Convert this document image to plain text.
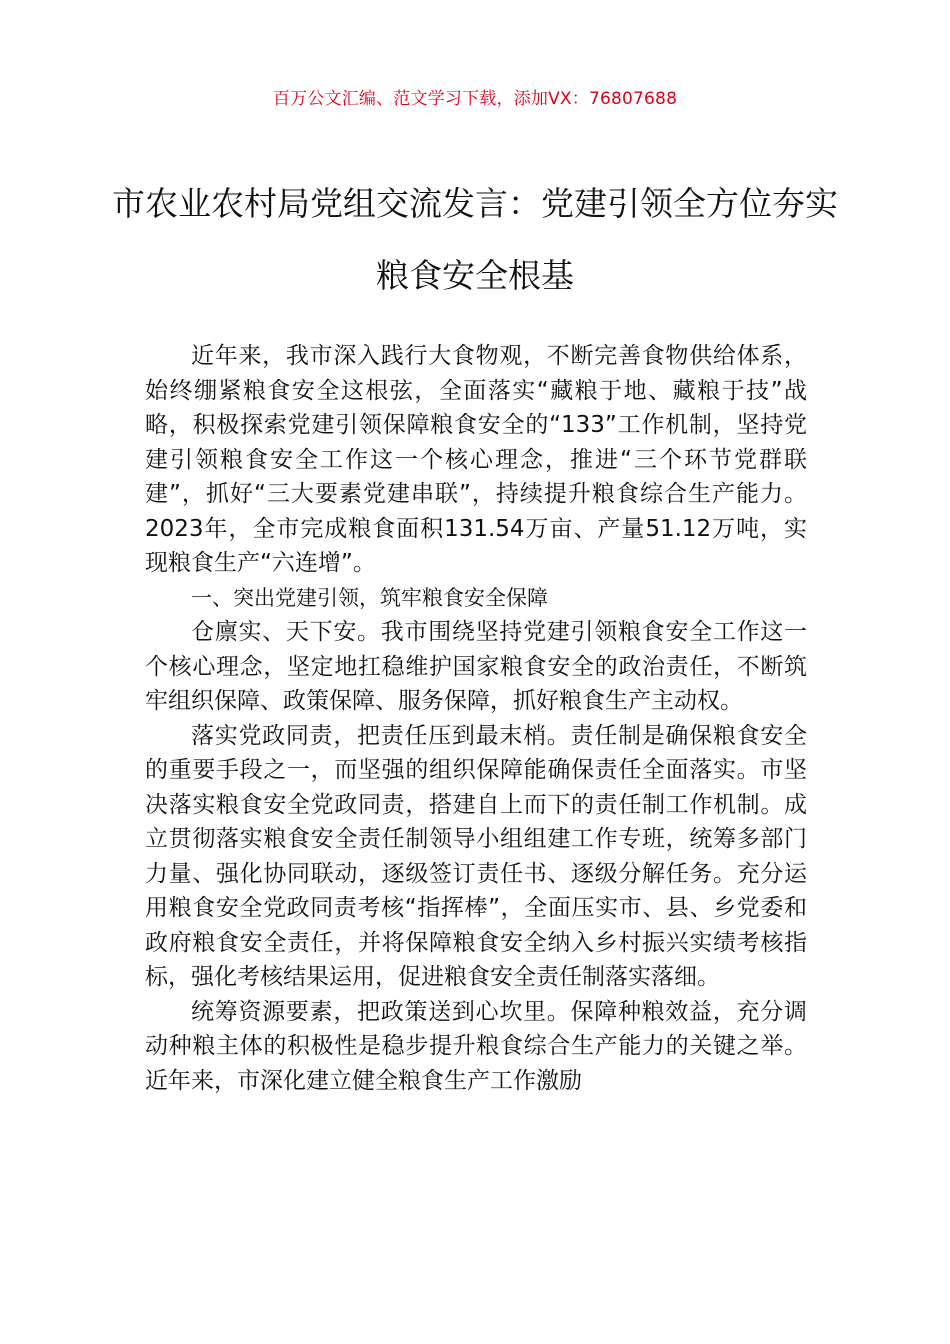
百万公文汇编、范文学习下载，添加VX：76807688
市农业农村局党组交流发言：党建引领全方位夯实粮食安全根基

近年来，我市深入践行大食物观，不断完善食物供给体系，始终绷紧粮食安全这根弦，全面落实“藏粮于地、藏粮于技”战略，积极探索党建引领保障粮食安全的“133”工作机制，坚持党建引领粮食安全工作这一个核心理念，推进“三个环节党群联建”，抓好“三大要素党建串联”，持续提升粮食综合生产能力。2023年，全市完成粮食面积131.54万亩、产量51.12万吨，实现粮食生产“六连增”。

一、突出党建引领，筑牢粮食安全保障

仓廪实、天下安。我市围绕坚持党建引领粮食安全工作这一个核心理念，坚定地扛稳维护国家粮食安全的政治责任，不断筑牢组织保障、政策保障、服务保障，抓好粮食生产主动权。

落实党政同责，把责任压到最末梢。责任制是确保粮食安全的重要手段之一，而坚强的组织保障能确保责任全面落实。市坚决落实粮食安全党政同责，搭建自上而下的责任制工作机制。成立贯彻落实粮食安全责任制领导小组组建工作专班，统筹多部门力量、强化协同联动，逐级签订责任书、逐级分解任务。充分运用粮食安全党政同责考核“指挥棒”，全面压实市、县、乡党委和政府粮食安全责任，并将保障粮食安全纳入乡村振兴实绩考核指标，强化考核结果运用，促进粮食安全责任制落实落细。

统筹资源要素，把政策送到心坎里。保障种粮效益，充分调动种粮主体的积极性是稳步提升粮食综合生产能力的关键之举。近年来，市深化建立健全粮食生产工作激励
